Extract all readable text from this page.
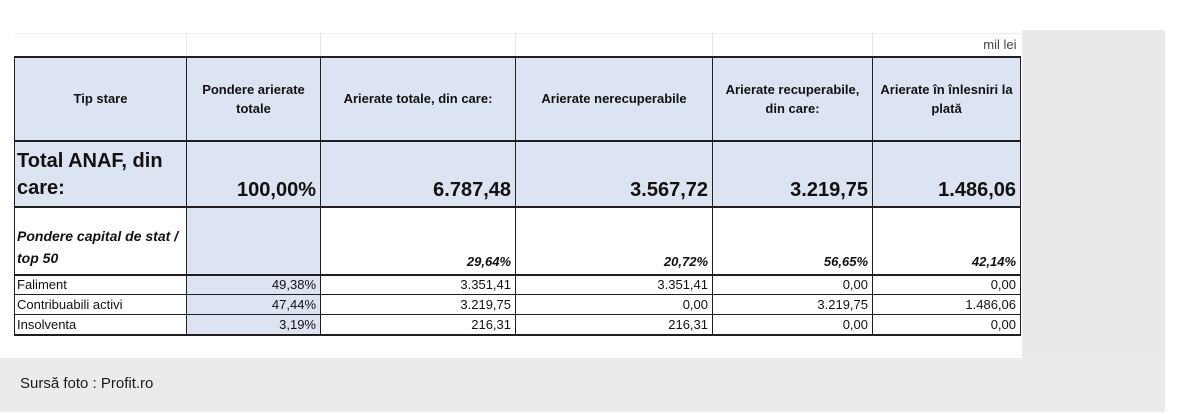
					mil lei
Tip stare	Pondere arierate totale	Arierate totale, din care:	Arierate nerecuperabile	Arierate recuperabile, din care:	Arierate în înlesniri la plată
Total ANAF, din care:	100,00%	6.787,48	3.567,72	3.219,75	1.486,06
Pondere capital de stat / top 50		29,64%	20,72%	56,65%	42,14%
Faliment	49,38%	3.351,41	3.351,41	0,00	0,00
Contribuabili activi	47,44%	3.219,75	0,00	3.219,75	1.486,06
Insolventa	3,19%	216,31	216,31	0,00	0,00
Sursă foto : Profit.ro
